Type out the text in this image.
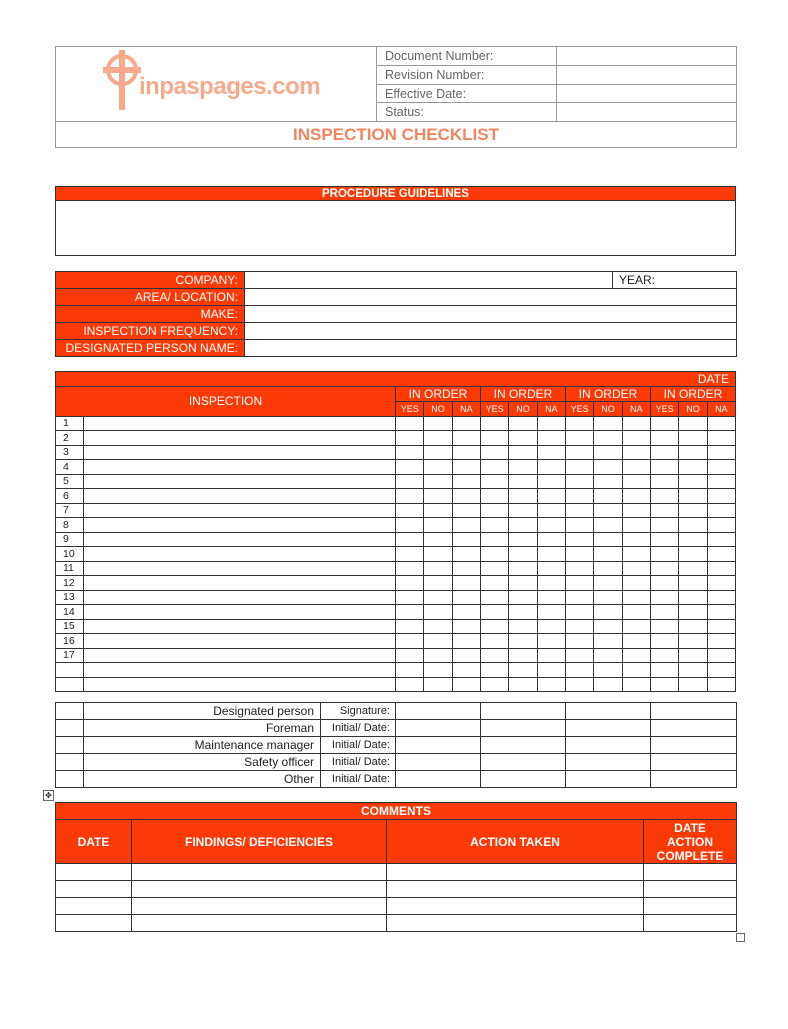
inpaspages.com	Document Number:	
	Revision Number:	
	Effective Date:	
	Status:	
INSPECTION CHECKLIST		
PROCEDURE GUIDELINES

COMPANY:		YEAR:
AREA/ LOCATION:		
MAKE:		
INSPECTION FREQUENCY:		
DESIGNATED PERSON NAME:		
DATE													
INSPECTION		IN ORDER			IN ORDER			IN ORDER			IN ORDER		
		YES	NO	NA	YES	NO	NA	YES	NO	NA	YES	NO	NA
1													
2													
3													
4													
5													
6													
7													
8													
9													
10													
11													
12													
13													
14													
15													
16													
17													

	Designated person	Signature:				
	Foreman	Initial/ Date:				
	Maintenance manager	Initial/ Date:				
	Safety officer	Initial/ Date:				
	Other	Initial/ Date:				
✥
COMMENTS			
DATE	FINDINGS/ DEFICIENCIES	ACTION TAKEN	DATE ACTION COMPLETE
